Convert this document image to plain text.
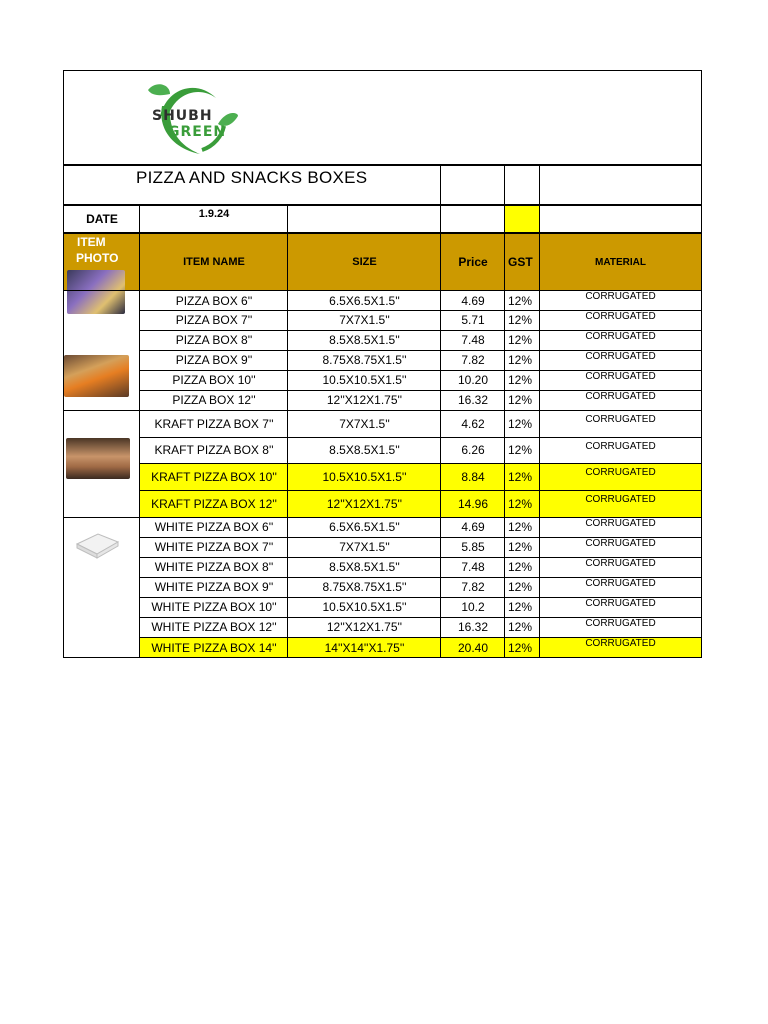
SHUBH
GREEN
PIZZA AND SNACKS BOXES
DATE	1.9.24
ITEM
PHOTO	ITEM NAME	SIZE	Price	GST	MATERIAL
PIZZA BOX 6''	6.5X6.5X1.5''	4.69	12%	CORRUGATED
PIZZA BOX 7''	7X7X1.5''	5.71	12%	CORRUGATED
PIZZA BOX 8''	8.5X8.5X1.5''	7.48	12%	CORRUGATED
PIZZA BOX 9''	8.75X8.75X1.5''	7.82	12%	CORRUGATED
PIZZA BOX 10''	10.5X10.5X1.5''	10.20	12%	CORRUGATED
PIZZA BOX 12''	12''X12X1.75''	16.32	12%	CORRUGATED
KRAFT PIZZA BOX 7''	7X7X1.5''	4.62	12%	CORRUGATED
KRAFT PIZZA BOX 8''	8.5X8.5X1.5''	6.26	12%	CORRUGATED
KRAFT PIZZA BOX 10''	10.5X10.5X1.5''	8.84	12%	CORRUGATED
KRAFT PIZZA BOX 12''	12''X12X1.75''	14.96	12%	CORRUGATED
WHITE PIZZA BOX 6''	6.5X6.5X1.5''	4.69	12%	CORRUGATED
WHITE PIZZA BOX 7''	7X7X1.5''	5.85	12%	CORRUGATED
WHITE PIZZA BOX 8''	8.5X8.5X1.5''	7.48	12%	CORRUGATED
WHITE PIZZA BOX 9''	8.75X8.75X1.5''	7.82	12%	CORRUGATED
WHITE PIZZA BOX 10''	10.5X10.5X1.5''	10.2	12%	CORRUGATED
WHITE PIZZA BOX 12''	12''X12X1.75''	16.32	12%	CORRUGATED
WHITE PIZZA BOX 14''	14''X14''X1.75''	20.40	12%	CORRUGATED
